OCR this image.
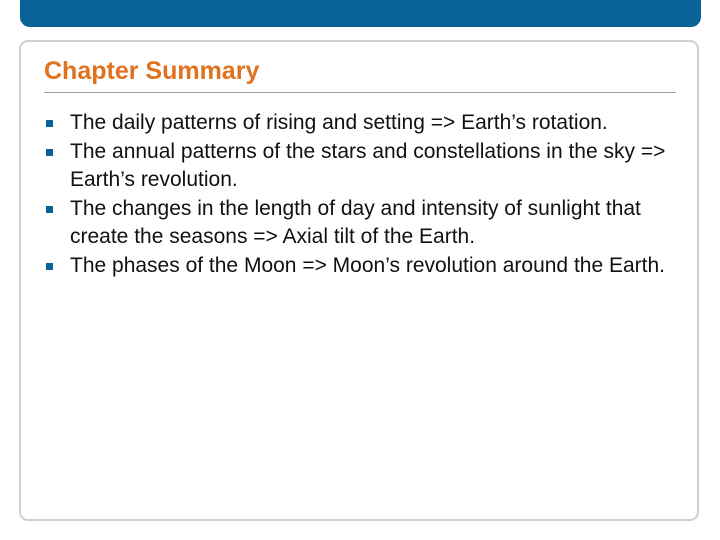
Chapter Summary
The daily patterns of rising and setting => Earth’s rotation.
The annual patterns of the stars and constellations in the sky => Earth’s revolution.
The changes in the length of day and intensity of sunlight that create the seasons => Axial tilt of the Earth.
The phases of the Moon => Moon’s revolution around the Earth.
